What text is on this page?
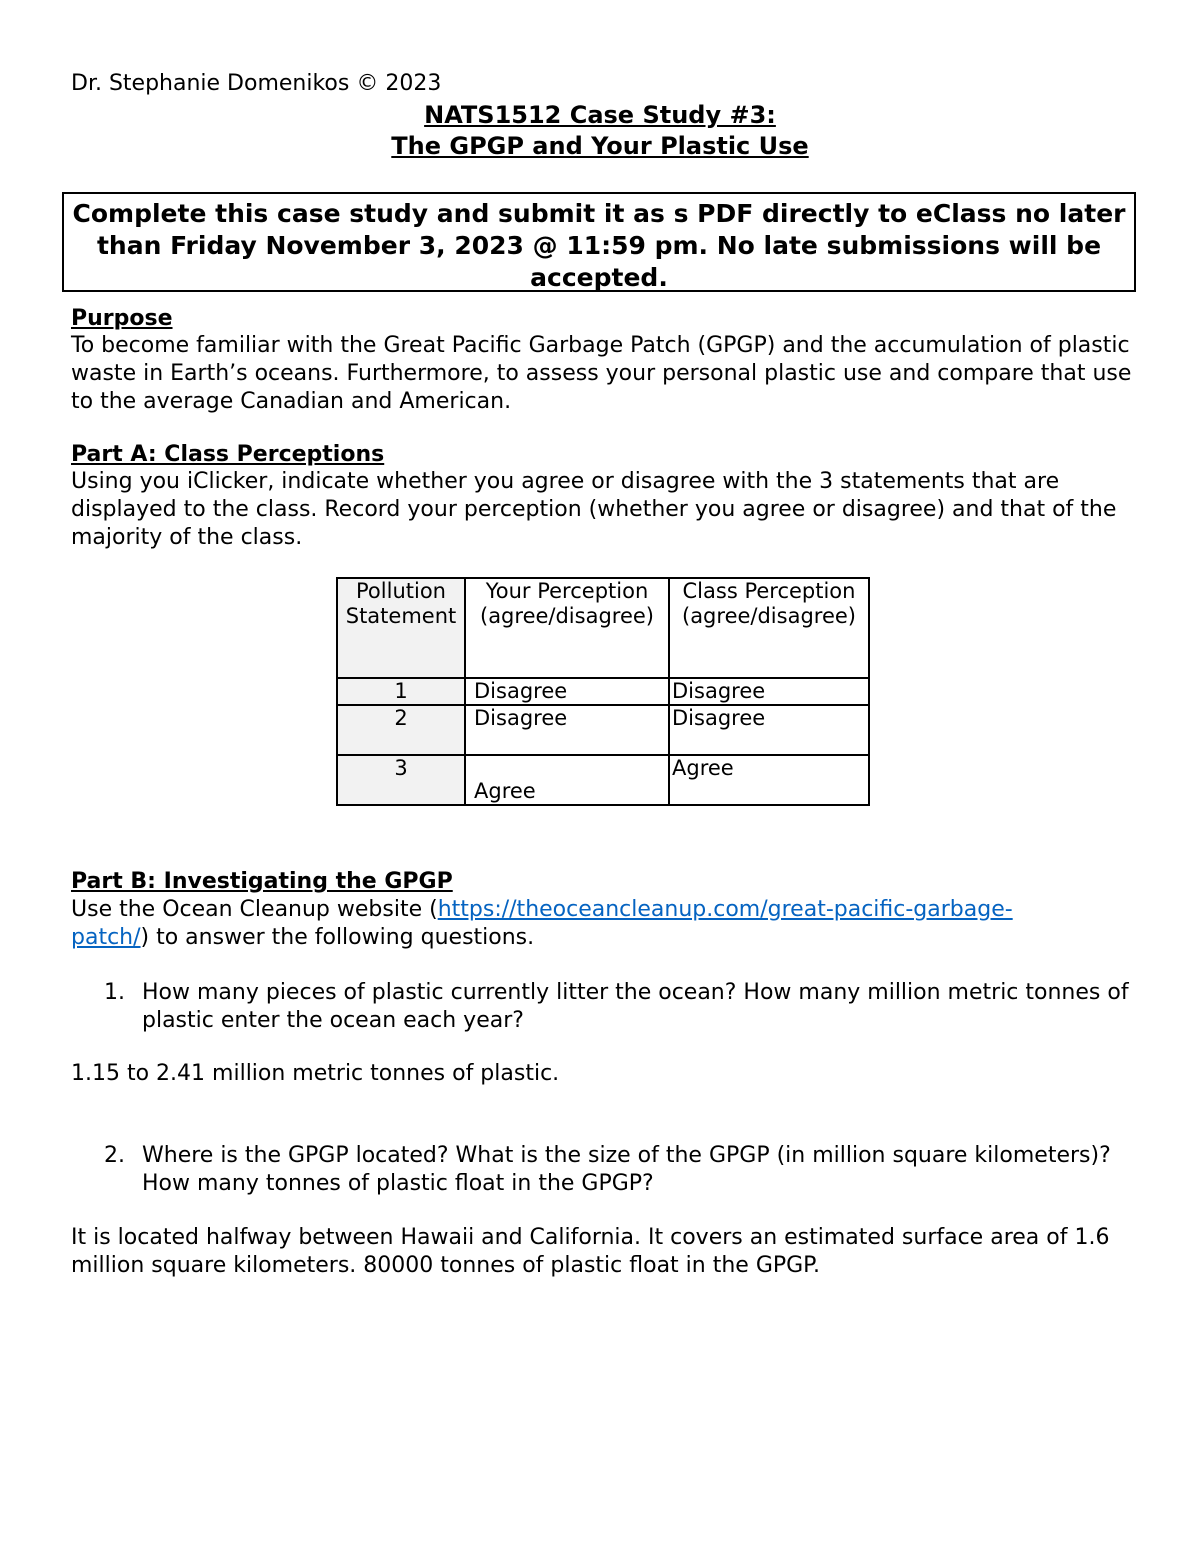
Dr. Stephanie Domenikos © 2023
NATS1512 Case Study #3:
The GPGP and Your Plastic Use
Complete this case study and submit it as s PDF directly to eClass no later than Friday November 3, 2023 @ 11:59 pm. No late submissions will be accepted.
Purpose
To become familiar with the Great Pacific Garbage Patch (GPGP) and the accumulation of plastic waste in Earth’s oceans. Furthermore, to assess your personal plastic use and compare that use to the average Canadian and American.
Part A: Class Perceptions
Using you iClicker, indicate whether you agree or disagree with the 3 statements that are displayed to the class. Record your perception (whether you agree or disagree) and that of the majority of the class.
Pollution Statement	Your Perception (agree/disagree)	Class Perception (agree/disagree)
1	Disagree	Disagree
2	Disagree	Disagree
3	Agree	Agree
Part B: Investigating the GPGP
Use the Ocean Cleanup website (https://theoceancleanup.com/great-pacific-garbage-
patch/) to answer the following questions.
1. How many pieces of plastic currently litter the ocean? How many million metric tonnes of plastic enter the ocean each year?
1.15 to 2.41 million metric tonnes of plastic.
2. Where is the GPGP located? What is the size of the GPGP (in million square kilometers)? How many tonnes of plastic float in the GPGP?
It is located halfway between Hawaii and California. It covers an estimated surface area of 1.6 million square kilometers. 80000 tonnes of plastic float in the GPGP.
